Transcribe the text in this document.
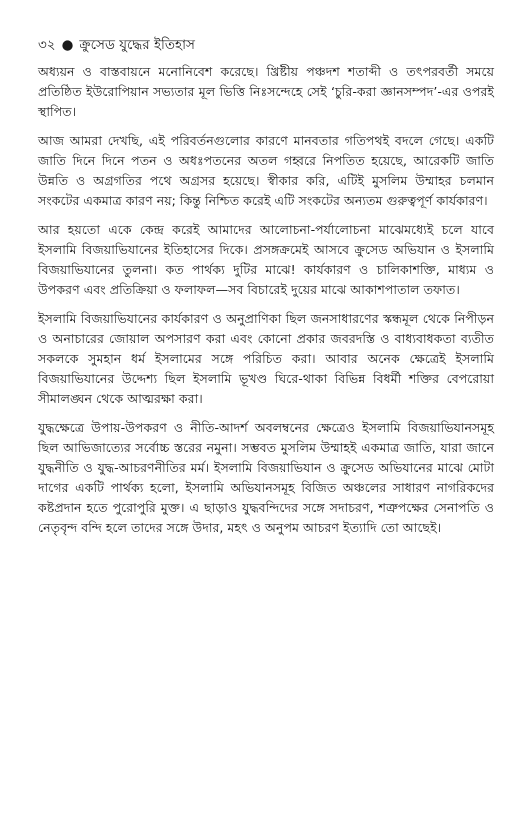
৩২ ● ক্রুসেড যুদ্ধের ইতিহাস

অধ্যয়ন ও বাস্তবায়নে মনোনিবেশ করেছে। খ্রিষ্টীয় পঞ্চদশ শতাব্দী ও তৎপরবর্তী সময়ে প্রতিষ্ঠিত ইউরোপিয়ান সভ্যতার মূল ভিত্তি নিঃসন্দেহে সেই ‘চুরি-করা জ্ঞানসম্পদ’-এর ওপরই স্থাপিত।

আজ আমরা দেখছি, এই পরিবর্তনগুলোর কারণে মানবতার গতিপথই বদলে গেছে। একটি জাতি দিনে দিনে পতন ও অধঃপতনের অতল গহ্বরে নিপতিত হয়েছে, আরেকটি জাতি উন্নতি ও অগ্রগতির পথে অগ্রসর হয়েছে। স্বীকার করি, এটিই মুসলিম উম্মাহর চলমান সংকটের একমাত্র কারণ নয়; কিন্তু নিশ্চিত করেই এটি সংকটের অন্যতম গুরুত্বপূর্ণ কার্যকারণ।

আর হয়তো একে কেন্দ্র করেই আমাদের আলোচনা-পর্যালোচনা মাঝেমধ্যেই চলে যাবে ইসলামি বিজয়াভিযানের ইতিহাসের দিকে। প্রসঙ্গক্রমেই আসবে ক্রুসেড অভিযান ও ইসলামি বিজয়াভিযানের তুলনা। কত পার্থক্য দুটির মাঝে! কার্যকারণ ও চালিকাশক্তি, মাধ্যম ও উপকরণ এবং প্রতিক্রিয়া ও ফলাফল—সব বিচারেই দুয়ের মাঝে আকাশপাতাল তফাত।

ইসলামি বিজয়াভিযানের কার্যকারণ ও অনুপ্রাণিকা ছিল জনসাধারণের স্কন্ধমূল থেকে নিপীড়ন ও অনাচারের জোয়াল অপসারণ করা এবং কোনো প্রকার জবরদস্তি ও বাধ্যবাধকতা ব্যতীত সকলকে সুমহান ধর্ম ইসলামের সঙ্গে পরিচিত করা। আবার অনেক ক্ষেত্রেই ইসলামি বিজয়াভিযানের উদ্দেশ্য ছিল ইসলামি ভূখণ্ড ঘিরে-থাকা বিভিন্ন বিধর্মী শক্তির বেপরোয়া সীমালঙ্ঘন থেকে আত্মরক্ষা করা।

যুদ্ধক্ষেত্রে উপায়-উপকরণ ও নীতি-আদর্শ অবলম্বনের ক্ষেত্রেও ইসলামি বিজয়াভিযানসমূহ ছিল আভিজাত্যের সর্বোচ্চ স্তরের নমুনা। সম্ভবত মুসলিম উম্মাহই একমাত্র জাতি, যারা জানে যুদ্ধনীতি ও যুদ্ধ-আচরণনীতির মর্ম। ইসলামি বিজয়াভিযান ও ক্রুসেড অভিযানের মাঝে মোটা দাগের একটি পার্থক্য হলো, ইসলামি অভিযানসমূহ বিজিত অঞ্চলের সাধারণ নাগরিকদের কষ্টপ্রদান হতে পুরোপুরি মুক্ত। এ ছাড়াও যুদ্ধবন্দিদের সঙ্গে সদাচরণ, শত্রুপক্ষের সেনাপতি ও নেতৃবৃন্দ বন্দি হলে তাদের সঙ্গে উদার, মহৎ ও অনুপম আচরণ ইত্যাদি তো আছেই।
